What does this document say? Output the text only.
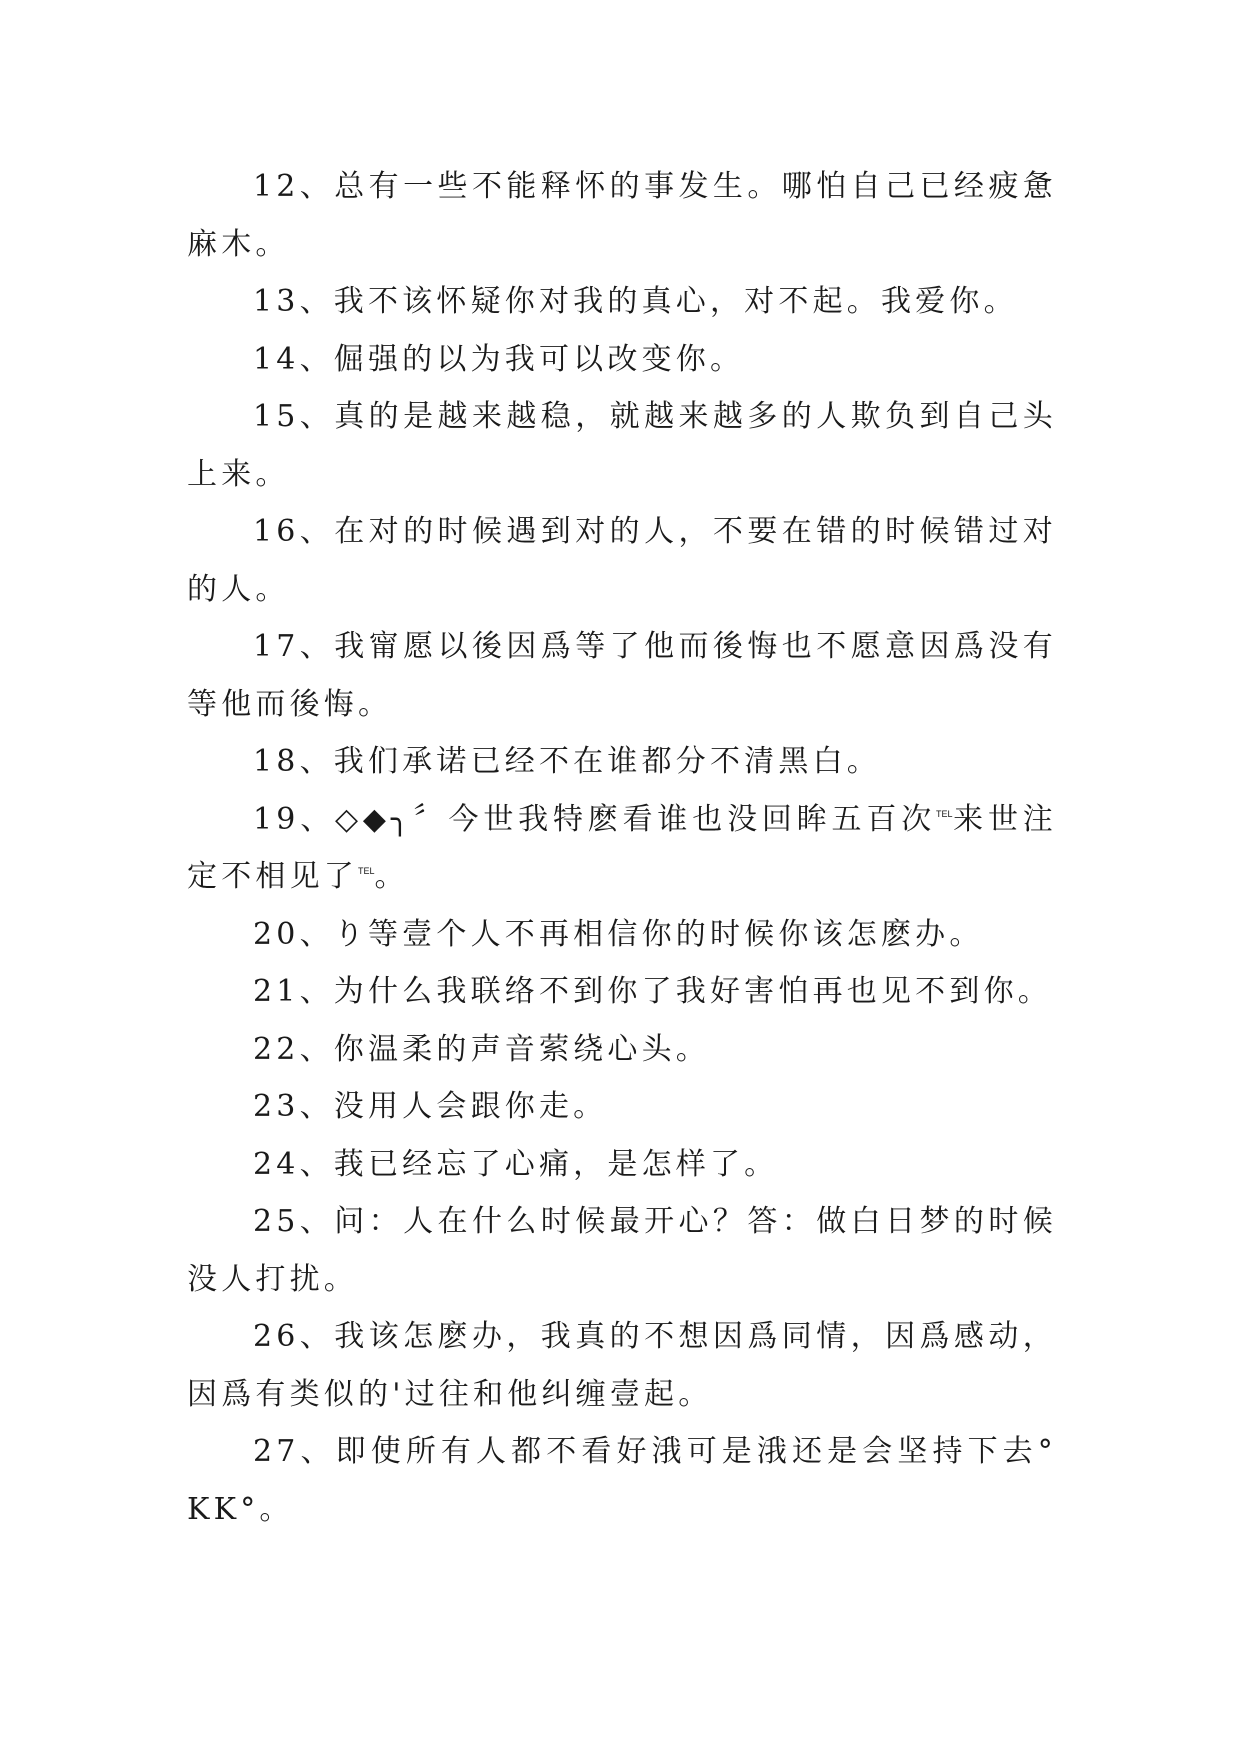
12、总有一些不能释怀的事发生。哪怕自己已经疲惫麻木。

13、我不该怀疑你对我的真心，对不起。我爱你。

14、倔强的以为我可以改变你。

15、真的是越来越稳，就越来越多的人欺负到自己头上来。

16、在对的时候遇到对的人，不要在错的时候错过对的人。

17、我甯愿以後因爲等了他而後悔也不愿意因爲没有等他而後悔。

18、我们承诺已经不在谁都分不清黑白。

19、◇◆╮〞今世我特麽看谁也没回眸五百次$^{TEL}$来世注定不相见了$^{TEL}$。

20、り等壹个人不再相信你的时候你该怎麽办。

21、为什么我联络不到你了我好害怕再也见不到你。

22、你温柔的声音萦绕心头。

23、没用人会跟你走。

24、莪已经忘了心痛，是怎样了。

25、问：人在什么时候最开心？答：做白日梦的时候没人打扰。

26、我该怎麽办，我真的不想因爲同情，因爲感动，因爲有类似的'过往和他纠缠壹起。

27、即使所有人都不看好涐可是涐还是会坚持下去°KK°。
